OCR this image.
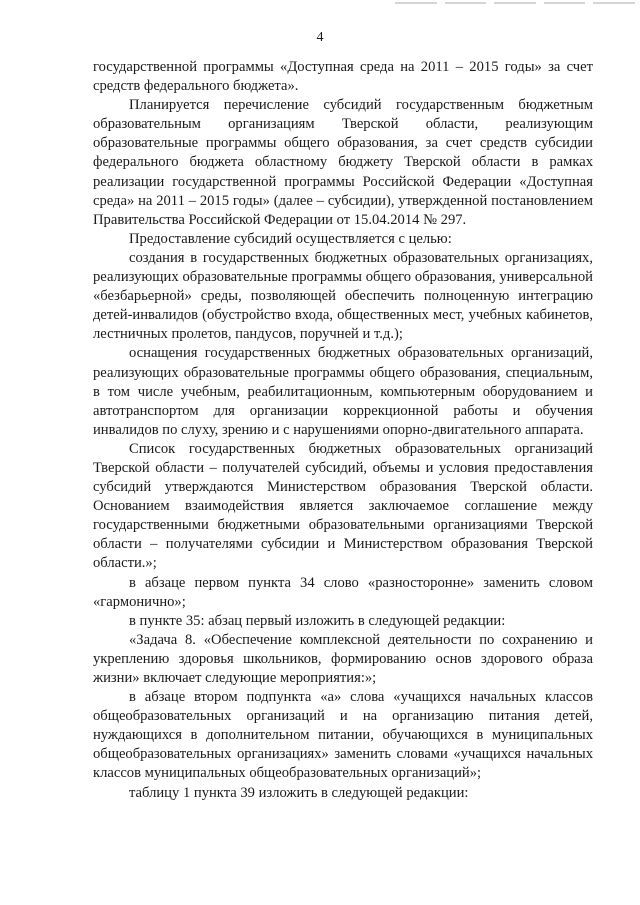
4

государственной программы «Доступная среда на 2011 – 2015 годы» за счет средств федерального бюджета».

Планируется перечисление субсидий государственным бюджетным образовательным организациям Тверской области, реализующим образовательные программы общего образования, за счет средств субсидии федерального бюджета областному бюджету Тверской области в рамках реализации государственной программы Российской Федерации «Доступная среда» на 2011 – 2015 годы» (далее – субсидии), утвержденной постановлением Правительства Российской Федерации от 15.04.2014 № 297.

Предоставление субсидий осуществляется с целью:

создания в государственных бюджетных образовательных организациях, реализующих образовательные программы общего образования, универсальной «безбарьерной» среды, позволяющей обеспечить полноценную интеграцию детей-инвалидов (обустройство входа, общественных мест, учебных кабинетов, лестничных пролетов, пандусов, поручней и т.д.);

оснащения государственных бюджетных образовательных организаций, реализующих образовательные программы общего образования, специальным, в том числе учебным, реабилитационным, компьютерным оборудованием и автотранспортом для организации коррекционной работы и обучения инвалидов по слуху, зрению и с нарушениями опорно-двигательного аппарата.

Список государственных бюджетных образовательных организаций Тверской области – получателей субсидий, объемы и условия предоставления субсидий утверждаются Министерством образования Тверской области. Основанием взаимодействия является заключаемое соглашение между государственными бюджетными образовательными организациями Тверской области – получателями субсидии и Министерством образования Тверской области.»;

в абзаце первом пункта 34 слово «разносторонне» заменить словом «гармонично»;

в пункте 35: абзац первый изложить в следующей редакции:

«Задача 8. «Обеспечение комплексной деятельности по сохранению и укреплению здоровья школьников, формированию основ здорового образа жизни» включает следующие мероприятия:»;

в абзаце втором подпункта «а» слова «учащихся начальных классов общеобразовательных организаций и на организацию питания детей, нуждающихся в дополнительном питании, обучающихся в муниципальных общеобразовательных организациях» заменить словами «учащихся начальных классов муниципальных общеобразовательных организаций»;

таблицу 1 пункта 39 изложить в следующей редакции:
